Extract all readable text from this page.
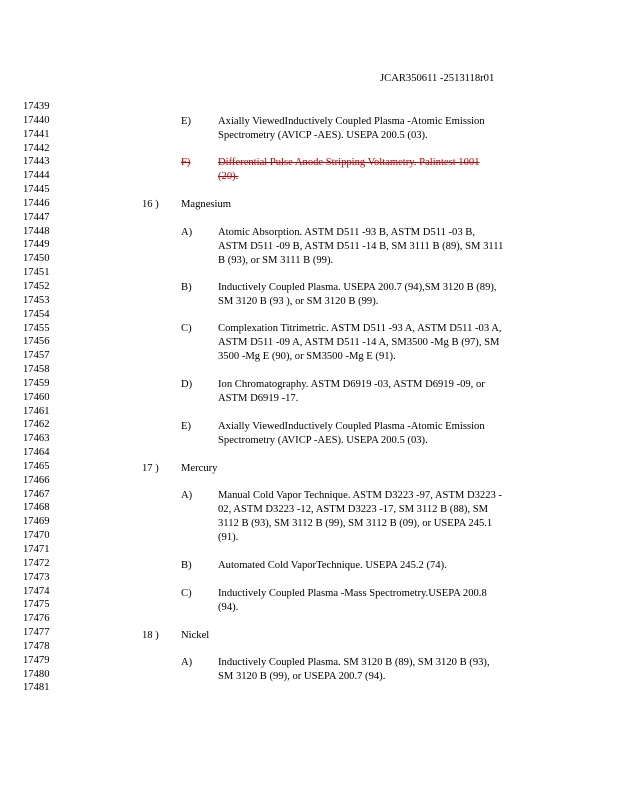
JCAR350611 -2513118r01
17439
17440
17441
17442
17443
17444
17445
17446
17447
17448
17449
17450
17451
17452
17453
17454
17455
17456
17457
17458
17459
17460
17461
17462
17463
17464
17465
17466
17467
17468
17469
17470
17471
17472
17473
17474
17475
17476
17477
17478
17479
17480
17481
E)	Axially ViewedInductively Coupled Plasma -Atomic Emission
Spectrometry (AVICP -AES). USEPA 200.5 (03).
F)	Differential Pulse Anode Stripping Voltametry. Palintest 1001
(20).
16 ) Magnesium
A) Atomic Absorption. ASTM D511 -93 B, ASTM D511 -03 B,
ASTM D511 -09 B, ASTM D511 -14 B, SM 3111 B (89), SM 3111
B (93), or SM 3111 B (99).
B) Inductively Coupled Plasma. USEPA 200.7 (94),SM 3120 B (89),
SM 3120 B (93 ), or SM 3120 B (99).
C) Complexation Titrimetric. ASTM D511 -93 A, ASTM D511 -03 A,
ASTM D511 -09 A, ASTM D511 -14 A, SM3500 -Mg B (97), SM
3500 -Mg E (90), or SM3500 -Mg E (91).
D) Ion Chromatography. ASTM D6919 -03, ASTM D6919 -09, or
ASTM D6919 -17.
E)	Axially ViewedInductively Coupled Plasma -Atomic Emission
Spectrometry (AVICP -AES). USEPA 200.5 (03).
17 ) Mercury
A) Manual Cold Vapor Technique. ASTM D3223 -97, ASTM D3223 -
02, ASTM D3223 -12, ASTM D3223 -17, SM 3112 B (88), SM
3112 B (93), SM 3112 B (99), SM 3112 B (09), or USEPA 245.1
(91).
B) Automated Cold VaporTechnique. USEPA 245.2 (74).
C) Inductively Coupled Plasma -Mass Spectrometry.USEPA 200.8
(94).
18 ) Nickel
A) Inductively Coupled Plasma. SM 3120 B (89), SM 3120 B (93),
SM 3120 B (99), or USEPA 200.7 (94).
